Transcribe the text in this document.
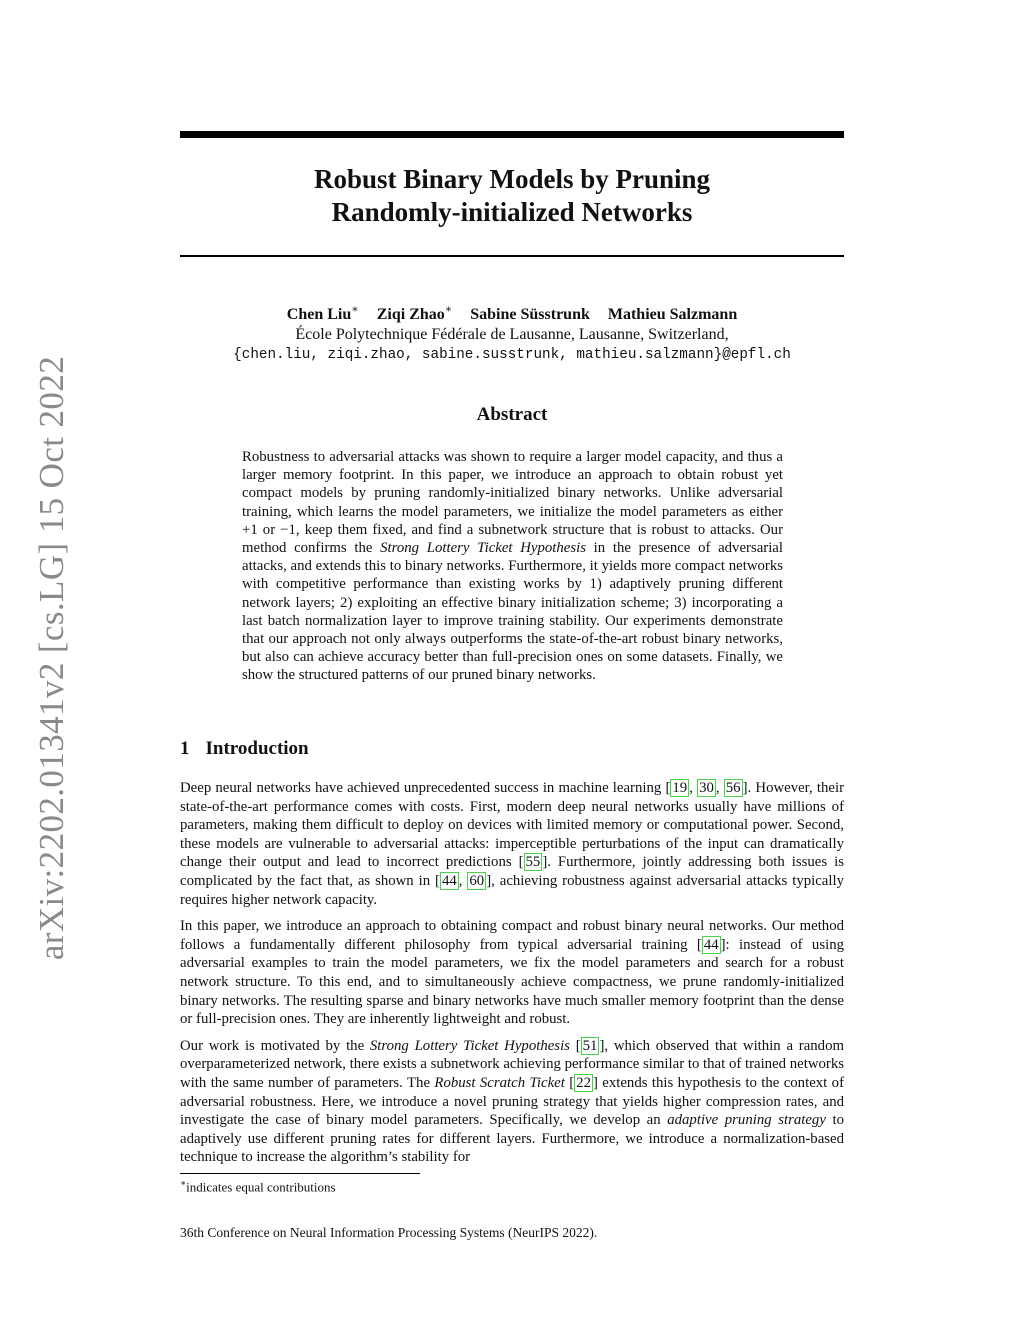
arXiv:2202.01341v2 [cs.LG] 15 Oct 2022
Robust Binary Models by Pruning
Randomly-initialized Networks
Chen Liu∗ Ziqi Zhao∗ Sabine Süsstrunk Mathieu Salzmann
École Polytechnique Fédérale de Lausanne, Lausanne, Switzerland,
{chen.liu, ziqi.zhao, sabine.susstrunk, mathieu.salzmann}@epfl.ch
Abstract

Robustness to adversarial attacks was shown to require a larger model capacity, and thus a larger memory footprint. In this paper, we introduce an approach to obtain robust yet compact models by pruning randomly-initialized binary networks. Unlike adversarial training, which learns the model parameters, we initialize the model parameters as either +1 or −1, keep them fixed, and find a subnetwork structure that is robust to attacks. Our method confirms the Strong Lottery Ticket Hypothesis in the presence of adversarial attacks, and extends this to binary networks. Furthermore, it yields more compact networks with competitive performance than existing works by 1) adaptively pruning different network layers; 2) exploiting an effective binary initialization scheme; 3) incorporating a last batch normalization layer to improve training stability. Our experiments demonstrate that our approach not only always outperforms the state-of-the-art robust binary networks, but also can achieve accuracy better than full-precision ones on some datasets. Finally, we show the structured patterns of our pruned binary networks.

1 Introduction

Deep neural networks have achieved unprecedented success in machine learning [ 19 , 30 , 56 ]. However, their state-of-the-art performance comes with costs. First, modern deep neural networks usually have millions of parameters, making them difficult to deploy on devices with limited memory or computational power. Second, these models are vulnerable to adversarial attacks: imperceptible perturbations of the input can dramatically change their output and lead to incorrect predictions [ 55 ]. Furthermore, jointly addressing both issues is complicated by the fact that, as shown in [ 44 , 60 ], achieving robustness against adversarial attacks typically requires higher network capacity.

In this paper, we introduce an approach to obtaining compact and robust binary neural networks. Our method follows a fundamentally different philosophy from typical adversarial training [ 44 ]: instead of using adversarial examples to train the model parameters, we fix the model parameters and search for a robust network structure. To this end, and to simultaneously achieve compactness, we prune randomly-initialized binary networks. The resulting sparse and binary networks have much smaller memory footprint than the dense or full-precision ones. They are inherently lightweight and robust.

Our work is motivated by the Strong Lottery Ticket Hypothesis [ 51 ], which observed that within a random overparameterized network, there exists a subnetwork achieving performance similar to that of trained networks with the same number of parameters. The Robust Scratch Ticket [ 22 ] extends this hypothesis to the context of adversarial robustness. Here, we introduce a novel pruning strategy that yields higher compression rates, and investigate the case of binary model parameters. Specifically, we develop an adaptive pruning strategy to adaptively use different pruning rates for different layers. Furthermore, we introduce a normalization-based technique to increase the algorithm’s stability for

∗indicates equal contributions
36th Conference on Neural Information Processing Systems (NeurIPS 2022).
